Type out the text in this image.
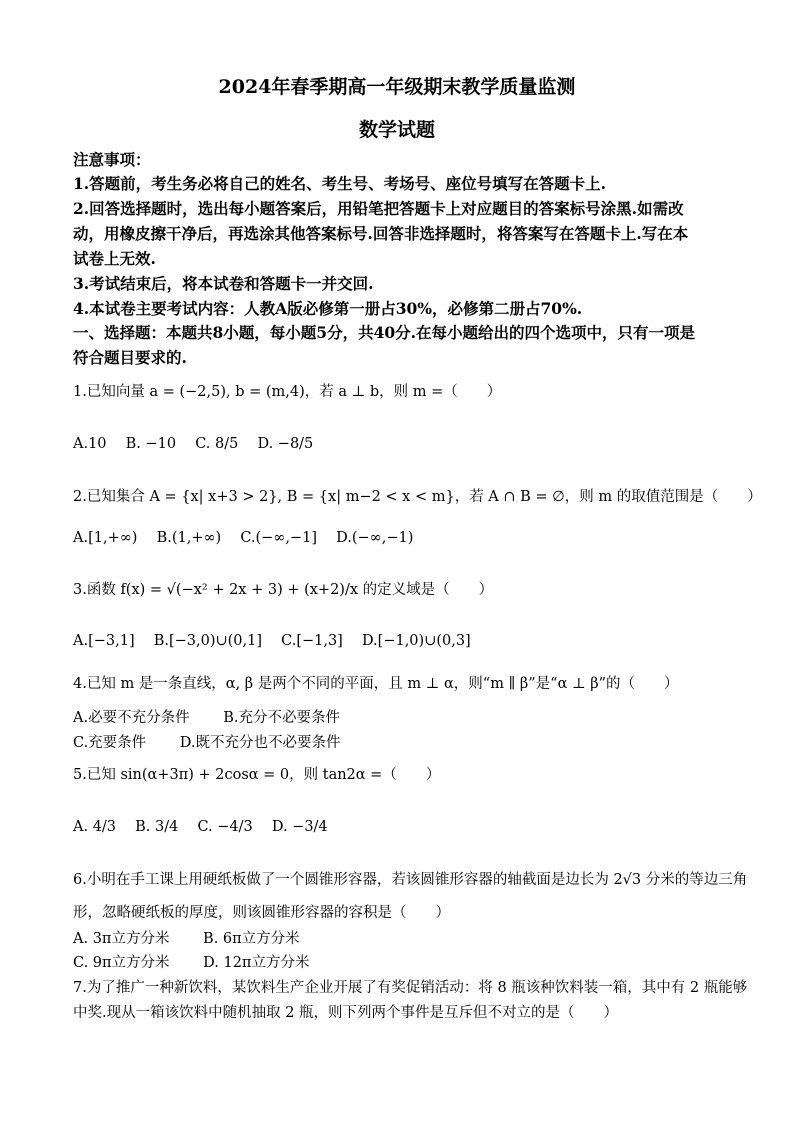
2024年春季期高一年级期末教学质量监测
数学试题
注意事项：
1.答题前，考生务必将自己的姓名、考生号、考场号、座位号填写在答题卡上.
2.回答选择题时，选出每小题答案后，用铅笔把答题卡上对应题目的答案标号涂黑.如需改
动，用橡皮擦干净后，再选涂其他答案标号.回答非选择题时，将答案写在答题卡上.写在本
试卷上无效.
3.考试结束后，将本试卷和答题卡一并交回.
4.本试卷主要考试内容：人教A版必修第一册占30%，必修第二册占70%.
一、选择题：本题共8小题，每小题5分，共40分.在每小题给出的四个选项中，只有一项是
符合题目要求的.
1.已知向量 a = (−2,5), b = (m,4)，若 a ⊥ b，则 m =（　　）
A.10　 B. −10　 C. 8/5　 D. −8/5
2.已知集合 A = {x| x+3 > 2}, B = {x| m−2 < x < m}，若 A ∩ B = ∅，则 m 的取值范围是（　　）
A.[1,+∞)　 B.(1,+∞)　 C.(−∞,−1]　 D.(−∞,−1)
3.函数 f(x) = √(−x² + 2x + 3) + (x+2)/x 的定义域是（　　）
A.[−3,1]　 B.[−3,0)∪(0,1]　 C.[−1,3]　 D.[−1,0)∪(0,3]
4.已知 m 是一条直线，α, β 是两个不同的平面，且 m ⊥ α，则“m ∥ β”是“α ⊥ β”的（　　）
A.必要不充分条件　　 B.充分不必要条件
C.充要条件　　 D.既不充分也不必要条件
5.已知 sin(α+3π) + 2cosα = 0，则 tan2α =（　　）
A. 4/3　 B. 3/4　 C. −4/3　 D. −3/4
6.小明在手工课上用硬纸板做了一个圆锥形容器，若该圆锥形容器的轴截面是边长为 2√3 分米的等边三角
形，忽略硬纸板的厚度，则该圆锥形容器的容积是（　　）
A. 3π立方分米　　 B. 6π立方分米
C. 9π立方分米　　 D. 12π立方分米
7.为了推广一种新饮料，某饮料生产企业开展了有奖促销活动：将 8 瓶该种饮料装一箱，其中有 2 瓶能够
中奖.现从一箱该饮料中随机抽取 2 瓶，则下列两个事件是互斥但不对立的是（　　）
